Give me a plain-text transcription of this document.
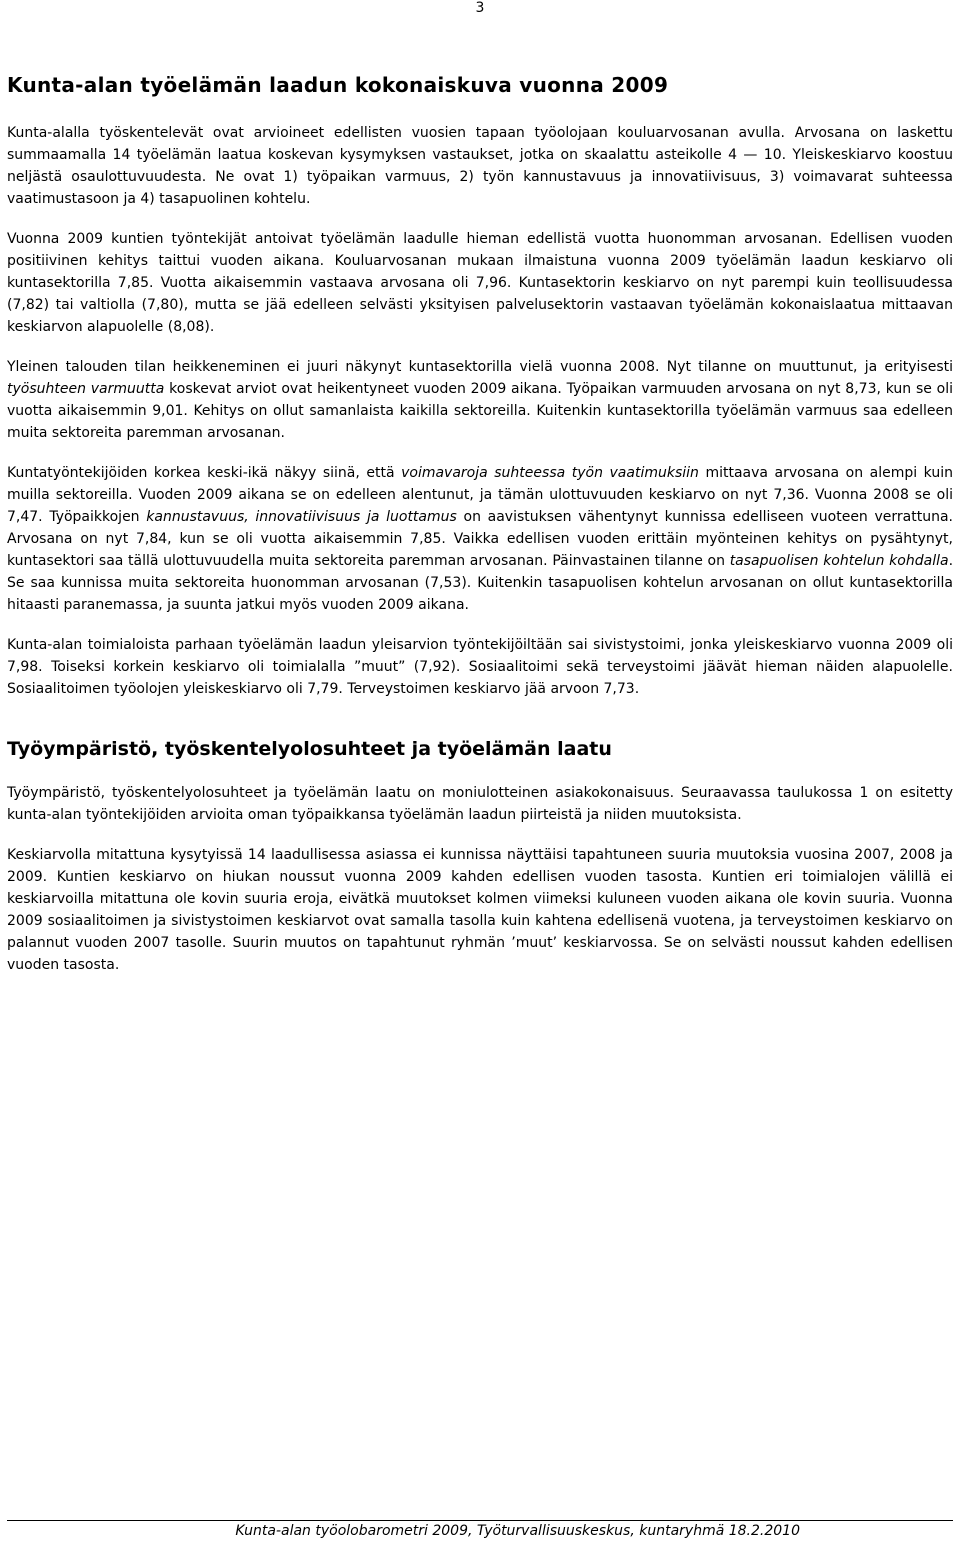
3
Kunta-alan työelämän laadun kokonaiskuva vuonna 2009

Kunta-alalla työskentelevät ovat arvioineet edellisten vuosien tapaan työolojaan kouluarvosanan avulla. Arvosana on laskettu summaamalla 14 työelämän laatua koskevan kysymyksen vastaukset, jotka on skaalattu asteikolle 4 — 10. Yleiskeskiarvo koostuu neljästä osaulottuvuudesta. Ne ovat 1) työpaikan varmuus, 2) työn kannustavuus ja innovatiivisuus, 3) voimavarat suhteessa vaatimustasoon ja 4) tasapuolinen kohtelu.

Vuonna 2009 kuntien työntekijät antoivat työelämän laadulle hieman edellistä vuotta huonomman arvosanan. Edellisen vuoden positiivinen kehitys taittui vuoden aikana. Kouluarvosanan mukaan ilmaistuna vuonna 2009 työelämän laadun keskiarvo oli kuntasektorilla 7,85. Vuotta aikaisemmin vastaava arvosana oli 7,96. Kuntasektorin keskiarvo on nyt parempi kuin teollisuudessa (7,82) tai valtiolla (7,80), mutta se jää edelleen selvästi yksityisen palvelusektorin vastaavan työelämän kokonaislaatua mittaavan keskiarvon alapuolelle (8,08).

Yleinen talouden tilan heikkeneminen ei juuri näkynyt kuntasektorilla vielä vuonna 2008. Nyt tilanne on muuttunut, ja erityisesti työsuhteen varmuutta koskevat arviot ovat heikentyneet vuoden 2009 aikana. Työpaikan varmuuden arvosana on nyt 8,73, kun se oli vuotta aikaisemmin 9,01. Kehitys on ollut samanlaista kaikilla sektoreilla. Kuitenkin kuntasektorilla työelämän varmuus saa edelleen muita sektoreita paremman arvosanan.

Kuntatyöntekijöiden korkea keski-ikä näkyy siinä, että voimavaroja suhteessa työn vaatimuksiin mittaava arvosana on alempi kuin muilla sektoreilla. Vuoden 2009 aikana se on edelleen alentunut, ja tämän ulottuvuuden keskiarvo on nyt 7,36. Vuonna 2008 se oli 7,47. Työpaikkojen kannustavuus, innovatiivisuus ja luottamus on aavistuksen vähentynyt kunnissa edelliseen vuoteen verrattuna. Arvosana on nyt 7,84, kun se oli vuotta aikaisemmin 7,85. Vaikka edellisen vuoden erittäin myönteinen kehitys on pysähtynyt, kuntasektori saa tällä ulottuvuudella muita sektoreita paremman arvosanan. Päinvastainen tilanne on tasapuolisen kohtelun kohdalla. Se saa kunnissa muita sektoreita huonomman arvosanan (7,53). Kuitenkin tasapuolisen kohtelun arvosanan on ollut kuntasektorilla hitaasti paranemassa, ja suunta jatkui myös vuoden 2009 aikana.

Kunta-alan toimialoista parhaan työelämän laadun yleisarvion työntekijöiltään sai sivistystoimi, jonka yleiskeskiarvo vuonna 2009 oli 7,98. Toiseksi korkein keskiarvo oli toimialalla ”muut” (7,92). Sosiaalitoimi sekä terveystoimi jäävät hieman näiden alapuolelle. Sosiaalitoimen työolojen yleiskeskiarvo oli 7,79. Terveystoimen keskiarvo jää arvoon 7,73.

Työympäristö, työskentelyolosuhteet ja työelämän laatu

Työympäristö, työskentelyolosuhteet ja työelämän laatu on moniulotteinen asiakokonaisuus. Seuraavassa taulukossa 1 on esitetty kunta-alan työntekijöiden arvioita oman työpaikkansa työelämän laadun piirteistä ja niiden muutoksista.

Keskiarvolla mitattuna kysytyissä 14 laadullisessa asiassa ei kunnissa näyttäisi tapahtuneen suuria muutoksia vuosina 2007, 2008 ja 2009. Kuntien keskiarvo on hiukan noussut vuonna 2009 kahden edellisen vuoden tasosta. Kuntien eri toimialojen välillä ei keskiarvoilla mitattuna ole kovin suuria eroja, eivätkä muutokset kolmen viimeksi kuluneen vuoden aikana ole kovin suuria. Vuonna 2009 sosiaalitoimen ja sivistystoimen keskiarvot ovat samalla tasolla kuin kahtena edellisenä vuotena, ja terveystoimen keskiarvo on palannut vuoden 2007 tasolle. Suurin muutos on tapahtunut ryhmän ’muut’ keskiarvossa. Se on selvästi noussut kahden edellisen vuoden tasosta.

Kunta-alan työolobarometri 2009, Työturvallisuuskeskus, kuntaryhmä 18.2.2010
